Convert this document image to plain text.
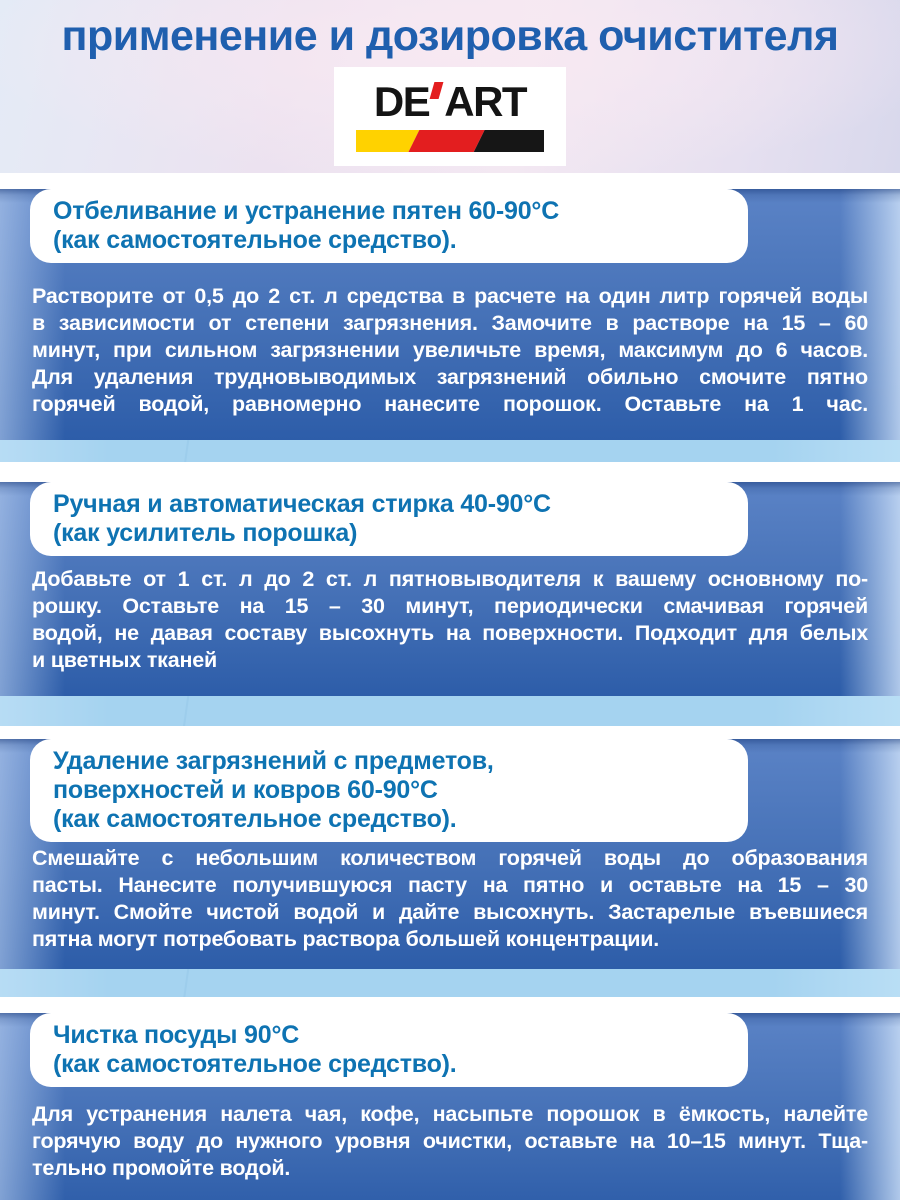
применение и дозировка очистителя
DE ART
Отбеливание и устранение пятен 60-90°С
(как самостоятельное средство).
Растворите от 0,5 до 2 ст. л средства в расчете на один литр горячей воды
в зависимости от степени загрязнения. Замочите в растворе на 15 – 60
минут, при сильном загрязнении увеличьте время, максимум до 6 часов.
Для удаления трудновыводимых загрязнений обильно смочите пятно
горячей водой, равномерно нанесите порошок. Оставьте на 1 час.
Ручная и автоматическая стирка 40-90°С
(как усилитель порошка)
Добавьте от 1 ст. л до 2 ст. л пятновыводителя к вашему основному по-
рошку. Оставьте на 15 – 30 минут, периодически смачивая горячей
водой, не давая составу высохнуть на поверхности. Подходит для белых
и цветных тканей
Удаление загрязнений с предметов,
поверхностей и ковров 60-90°С
(как самостоятельное средство).
Смешайте с небольшим количеством горячей воды до образования
пасты. Нанесите получившуюся пасту на пятно и оставьте на 15 – 30
минут. Смойте чистой водой и дайте высохнуть. Застарелые въевшиеся
пятна могут потребовать раствора большей концентрации.
Чистка посуды 90°С
(как самостоятельное средство).
Для устранения налета чая, кофе, насыпьте порошок в ёмкость, налейте
горячую воду до нужного уровня очистки, оставьте на 10–15 минут. Тща-
тельно промойте водой.
